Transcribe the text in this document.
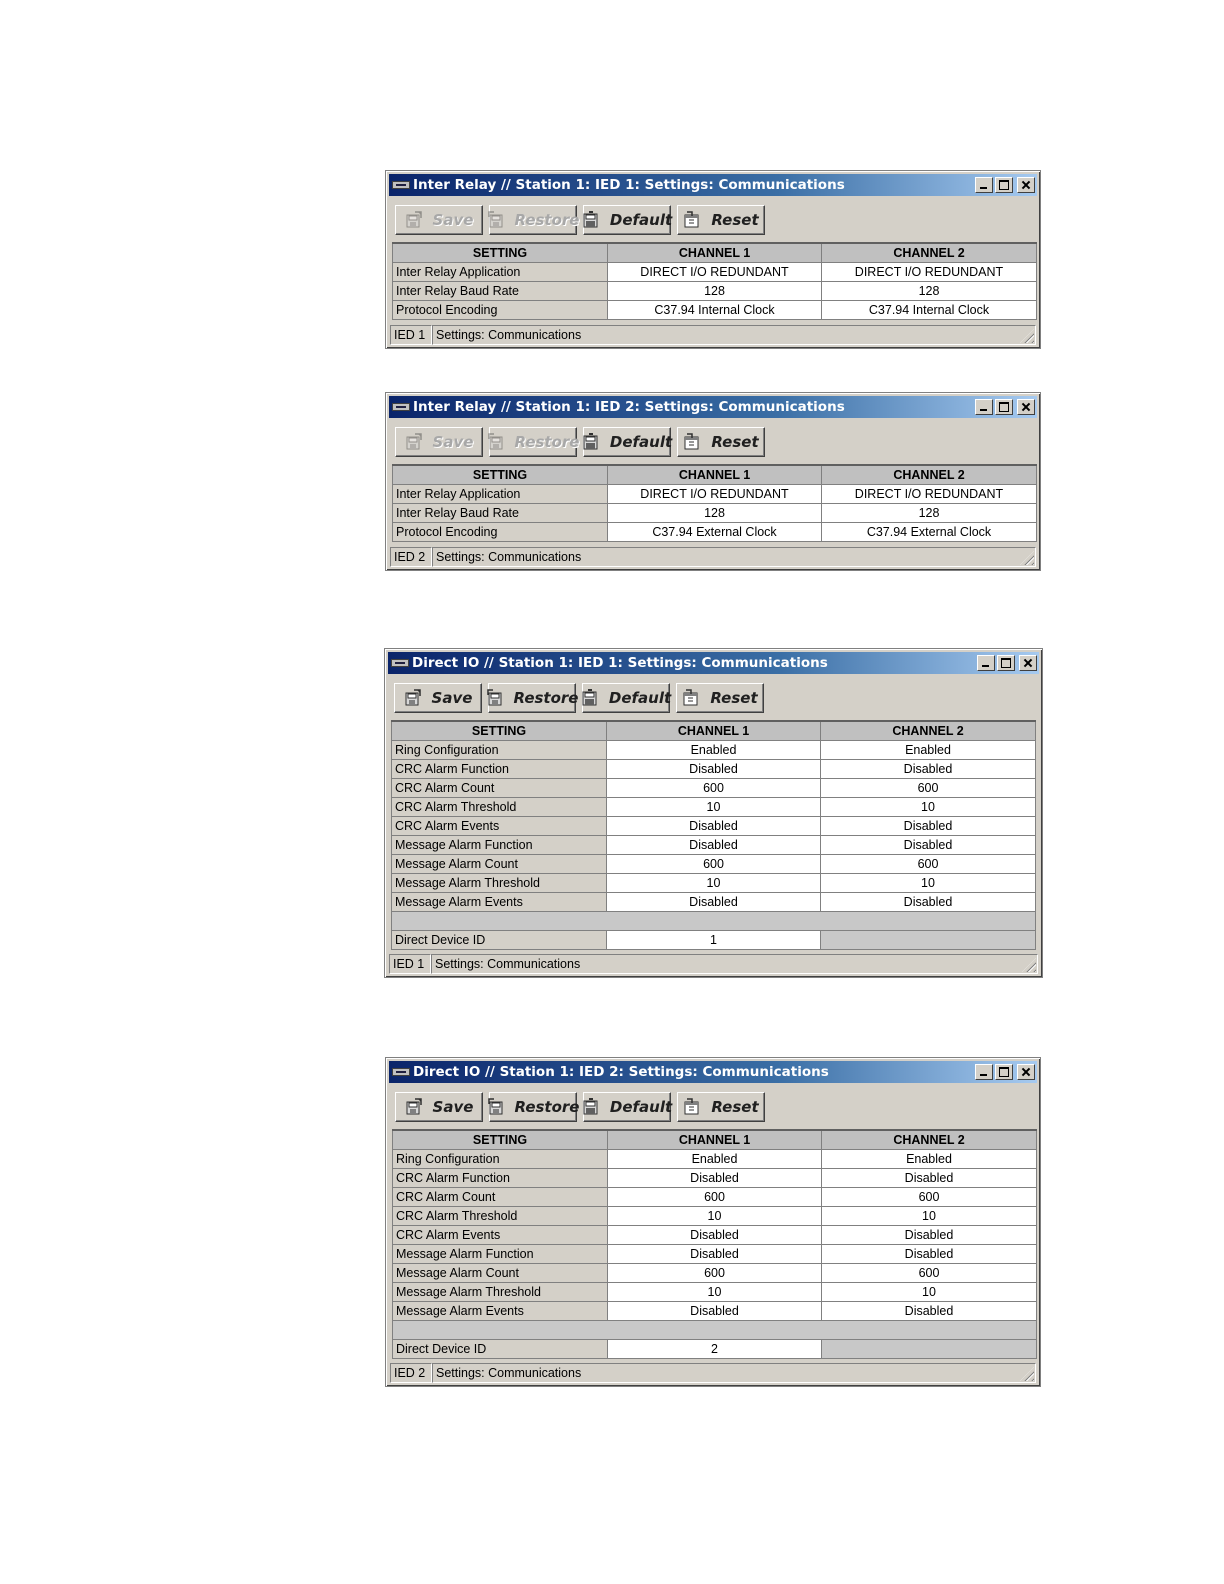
Inter Relay // Station 1: IED 1: Settings: Communications
Save	Restore Default	Reset
SETTING	CHANNEL 1	CHANNEL 2
Inter Relay Application	DIRECT I/O REDUNDANT	DIRECT I/O REDUNDANT
Inter Relay Baud Rate	128	128
Protocol Encoding	C37.94 Internal Clock	C37.94 Internal Clock
IED 1 Settings: Communications
Inter Relay // Station 1: IED 2: Settings: Communications
Save	Restore Default	Reset
SETTING	CHANNEL 1	CHANNEL 2
Inter Relay Application	DIRECT I/O REDUNDANT	DIRECT I/O REDUNDANT
Inter Relay Baud Rate	128	128
Protocol Encoding	C37.94 External Clock	C37.94 External Clock
IED 2 Settings: Communications
Direct IO // Station 1: IED 1: Settings: Communications
Save	Restore Default	Reset
SETTING	CHANNEL 1	CHANNEL 2
Ring Configuration	Enabled	Enabled
CRC Alarm Function	Disabled	Disabled
CRC Alarm Count	600	600
CRC Alarm Threshold	10	10
CRC Alarm Events	Disabled	Disabled
Message Alarm Function	Disabled	Disabled
Message Alarm Count	600	600
Message Alarm Threshold	10	10
Message Alarm Events	Disabled	Disabled

Direct Device ID	1	
IED 1 Settings: Communications
Direct IO // Station 1: IED 2: Settings: Communications
Save	Restore Default	Reset
SETTING	CHANNEL 1	CHANNEL 2
Ring Configuration	Enabled	Enabled
CRC Alarm Function	Disabled	Disabled
CRC Alarm Count	600	600
CRC Alarm Threshold	10	10
CRC Alarm Events	Disabled	Disabled
Message Alarm Function	Disabled	Disabled
Message Alarm Count	600	600
Message Alarm Threshold	10	10
Message Alarm Events	Disabled	Disabled

Direct Device ID	2	
IED 2 Settings: Communications
